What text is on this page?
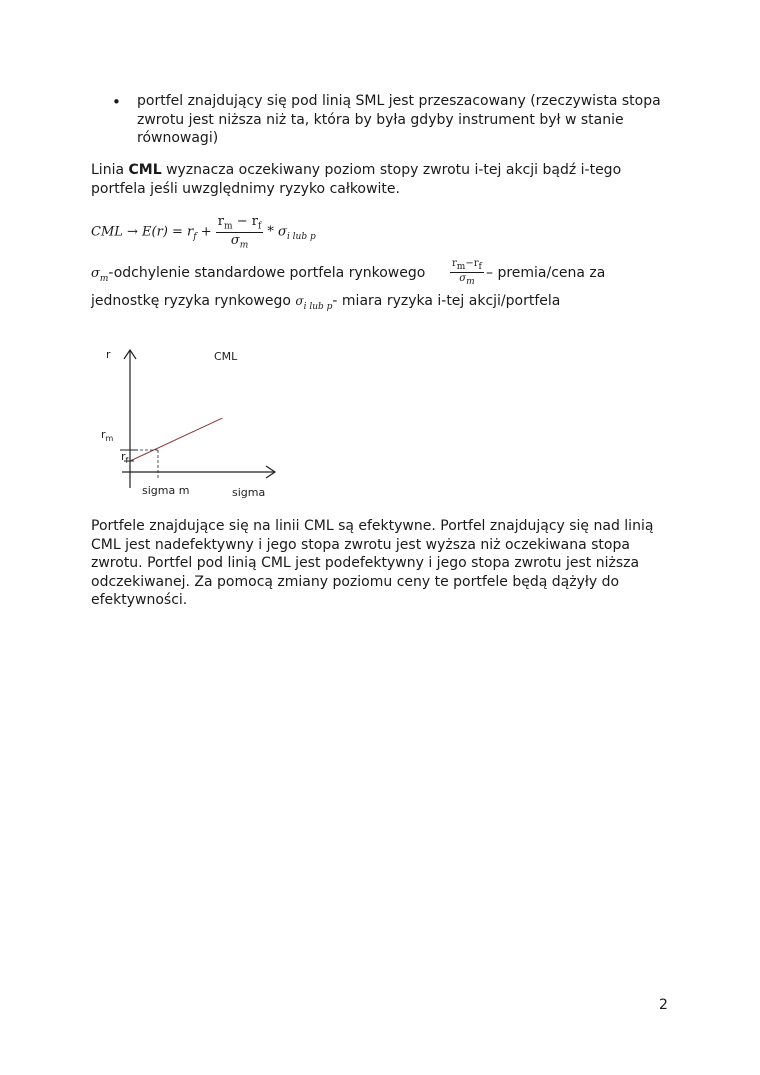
• portfel znajdujący się pod linią SML jest przeszacowany (rzeczywista stopa
zwrotu jest niższa niż ta, która by była gdyby instrument był w stanie
równowagi)
Linia CML wyznacza oczekiwany poziom stopy zwrotu i-tej akcji bądź i-tego
portfela jeśli uwzględnimy ryzyko całkowite.
CML → $E(r) = r_f + \frac{r_m - r_f}{\sigma_m} * \sigma_{i lub p}$
$\sigma_m$-odchylenie standardowe portfela rynkowego $\frac{r_m-r_f}{\sigma_m}$ – premia/cena za
jednostkę ryzyka rynkowego $\sigma_{i lub p}-$ miara ryzyka i-tej akcji/portfela
r	CML
$r_m$
$r_f$
sigma m	sigma
Portfele znajdujące się na linii CML są efektywne. Portfel znajdujący się nad linią
CML jest nadefektywny i jego stopa zwrotu jest wyższa niż oczekiwana stopa
zwrotu. Portfel pod linią CML jest podefektywny i jego stopa zwrotu jest niższa
odczekiwanej. Za pomocą zmiany poziomu ceny te portfele będą dążyły do
efektywności.
2
